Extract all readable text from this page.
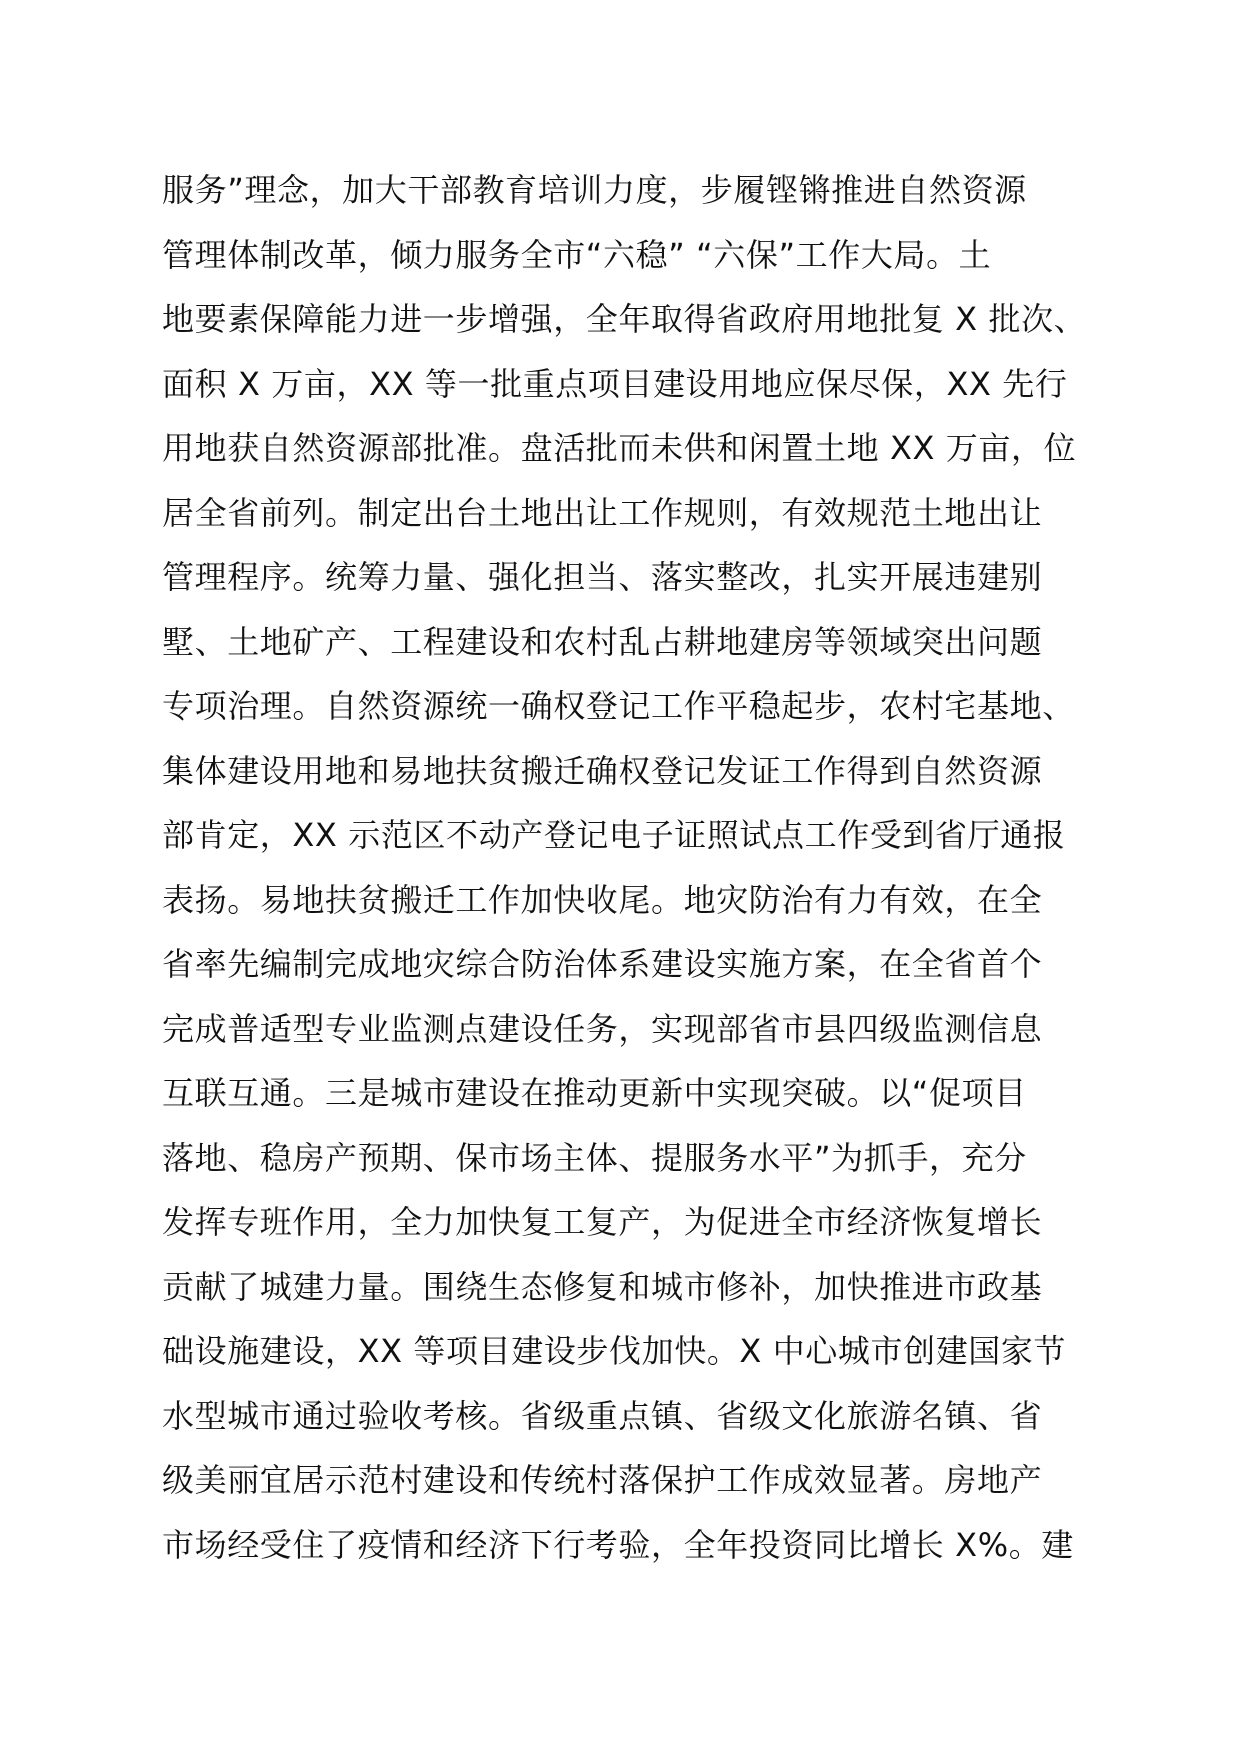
服务”理念，加大干部教育培训力度，步履铿锵推进自然资源
管理体制改革，倾力服务全市“六稳” “六保”工作大局。土
地要素保障能力进一步增强，全年取得省政府用地批复 X 批次、
面积 X 万亩，XX 等一批重点项目建设用地应保尽保，XX 先行
用地获自然资源部批准。盘活批而未供和闲置土地 XX 万亩，位
居全省前列。制定出台土地出让工作规则，有效规范土地出让
管理程序。统筹力量、强化担当、落实整改，扎实开展违建别
墅、土地矿产、工程建设和农村乱占耕地建房等领域突出问题
专项治理。自然资源统一确权登记工作平稳起步，农村宅基地、
集体建设用地和易地扶贫搬迁确权登记发证工作得到自然资源
部肯定，XX 示范区不动产登记电子证照试点工作受到省厅通报
表扬。易地扶贫搬迁工作加快收尾。地灾防治有力有效，在全
省率先编制完成地灾综合防治体系建设实施方案，在全省首个
完成普适型专业监测点建设任务，实现部省市县四级监测信息
互联互通。三是城市建设在推动更新中实现突破。以“促项目
落地、稳房产预期、保市场主体、提服务水平”为抓手，充分
发挥专班作用，全力加快复工复产，为促进全市经济恢复增长
贡献了城建力量。围绕生态修复和城市修补，加快推进市政基
础设施建设，XX 等项目建设步伐加快。X 中心城市创建国家节
水型城市通过验收考核。省级重点镇、省级文化旅游名镇、省
级美丽宜居示范村建设和传统村落保护工作成效显著。房地产
市场经受住了疫情和经济下行考验，全年投资同比增长 X%。建
